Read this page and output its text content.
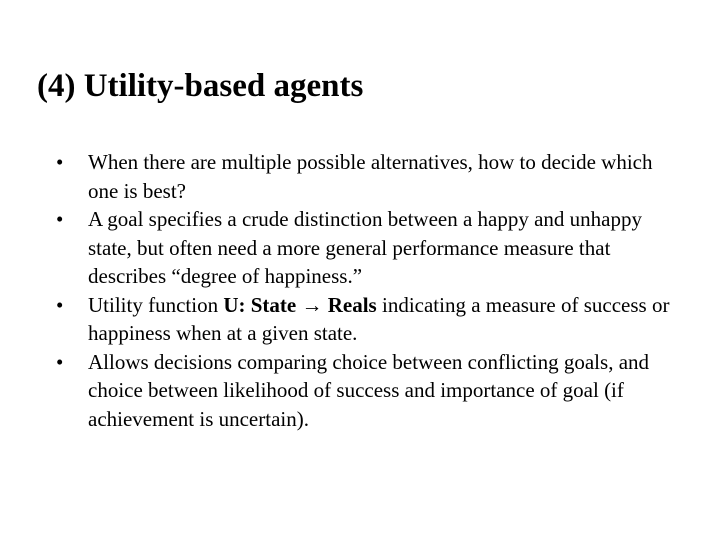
(4) Utility-based agents
•	When there are multiple possible alternatives, how to decide which one is best?
•	A goal specifies a crude distinction between a happy and unhappy state, but often need a more general performance measure that describes “degree of happiness.”
•	Utility function U: State → Reals indicating a measure of success or happiness when at a given state.
•	Allows decisions comparing choice between conflicting goals, and choice between likelihood of success and importance of goal (if achievement is uncertain).
